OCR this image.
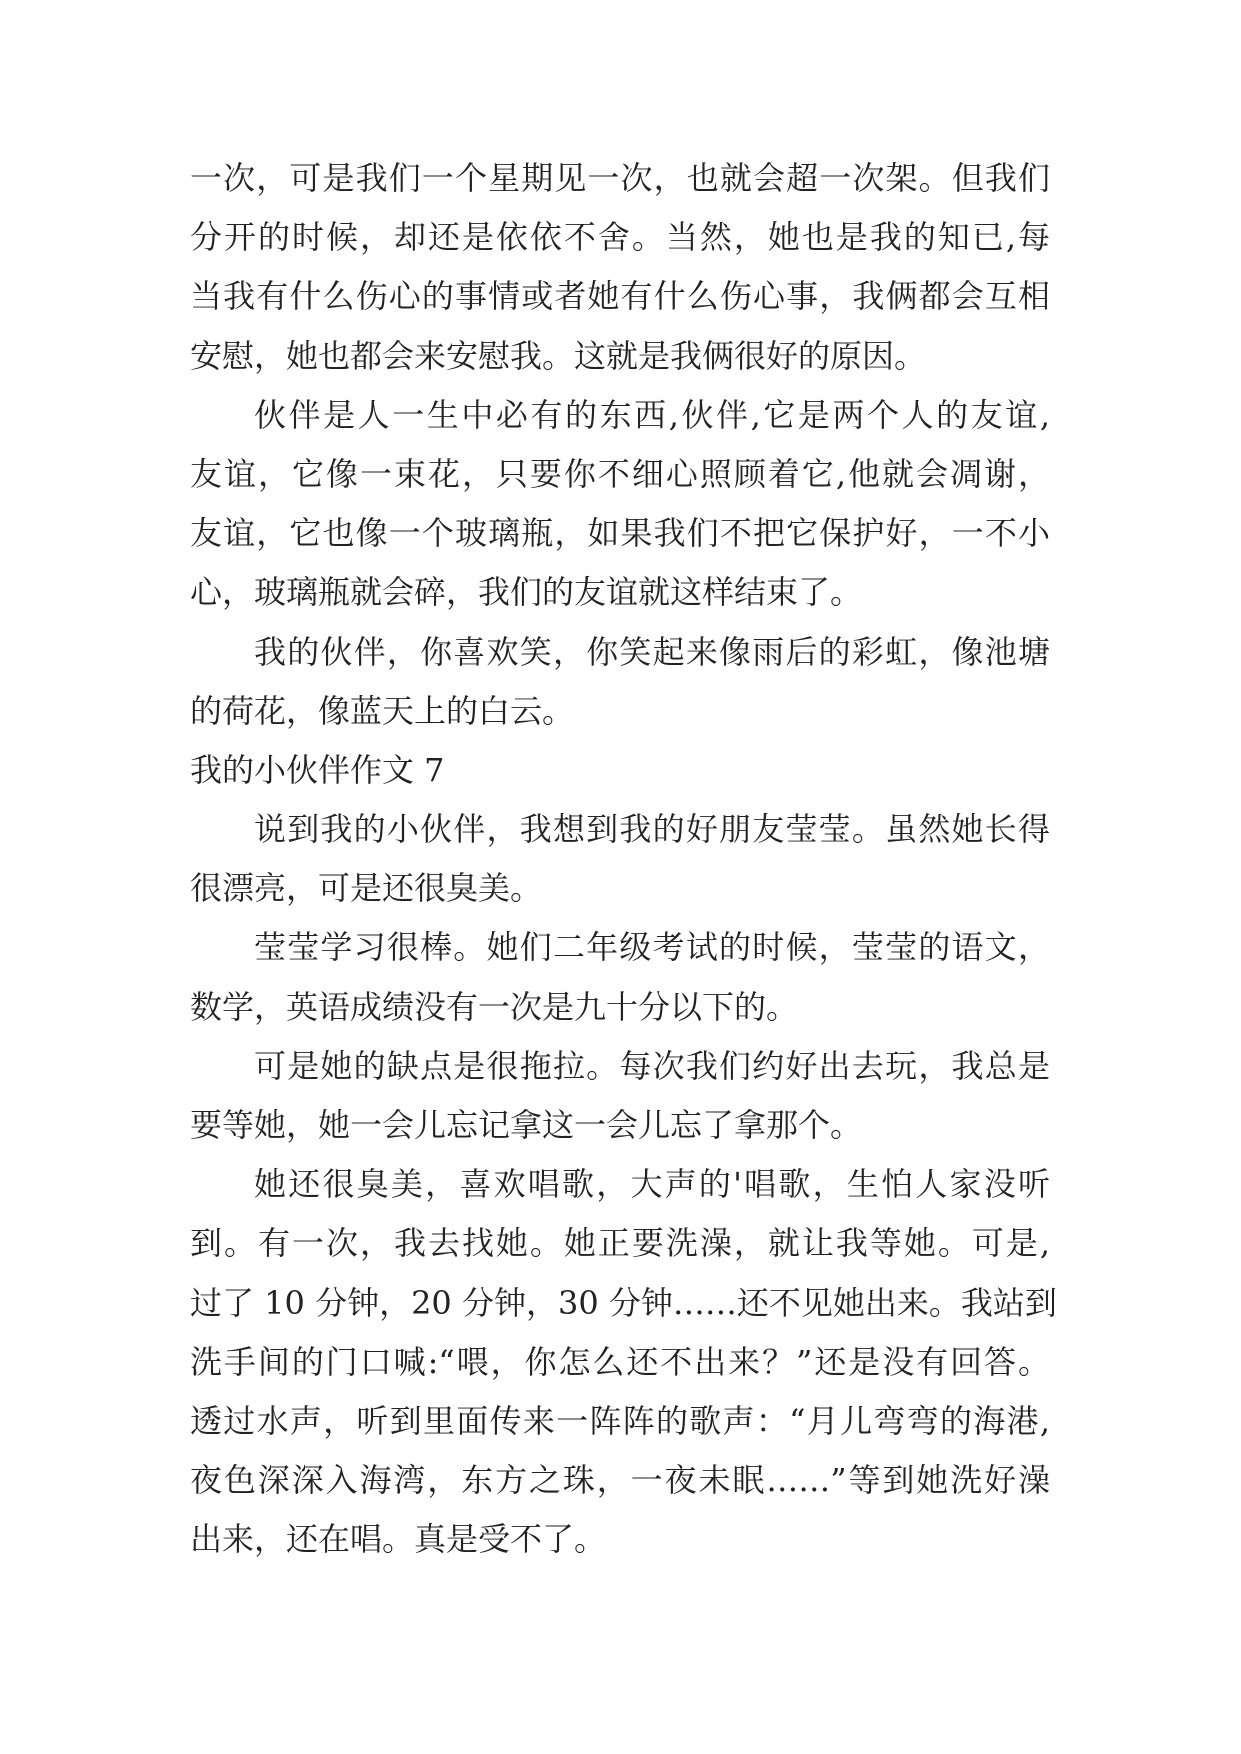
一次，可是我们一个星期见一次，也就会超一次架。但我们
分开的时候，却还是依依不舍。当然，她也是我的知已,每
当我有什么伤心的事情或者她有什么伤心事，我俩都会互相
安慰，她也都会来安慰我。这就是我俩很好的原因。
伙伴是人一生中必有的东西,伙伴,它是两个人的友谊,
友谊，它像一束花，只要你不细心照顾着它,他就会凋谢，
友谊，它也像一个玻璃瓶，如果我们不把它保护好，一不小
心，玻璃瓶就会碎，我们的友谊就这样结束了。
我的伙伴，你喜欢笑，你笑起来像雨后的彩虹，像池塘
的荷花，像蓝天上的白云。
我的小伙伴作文 7
说到我的小伙伴，我想到我的好朋友莹莹。虽然她长得
很漂亮，可是还很臭美。
莹莹学习很棒。她们二年级考试的时候，莹莹的语文，
数学，英语成绩没有一次是九十分以下的。
可是她的缺点是很拖拉。每次我们约好出去玩，我总是
要等她，她一会儿忘记拿这一会儿忘了拿那个。
她还很臭美，喜欢唱歌，大声的'唱歌，生怕人家没听
到。有一次，我去找她。她正要洗澡，就让我等她。可是,
过了 10 分钟，20 分钟，30 分钟……还不见她出来。我站到
洗手间的门口喊:“喂，你怎么还不出来？”还是没有回答。
透过水声，听到里面传来一阵阵的歌声：“月儿弯弯的海港,
夜色深深入海湾，东方之珠，一夜未眠……”等到她洗好澡
出来，还在唱。真是受不了。
